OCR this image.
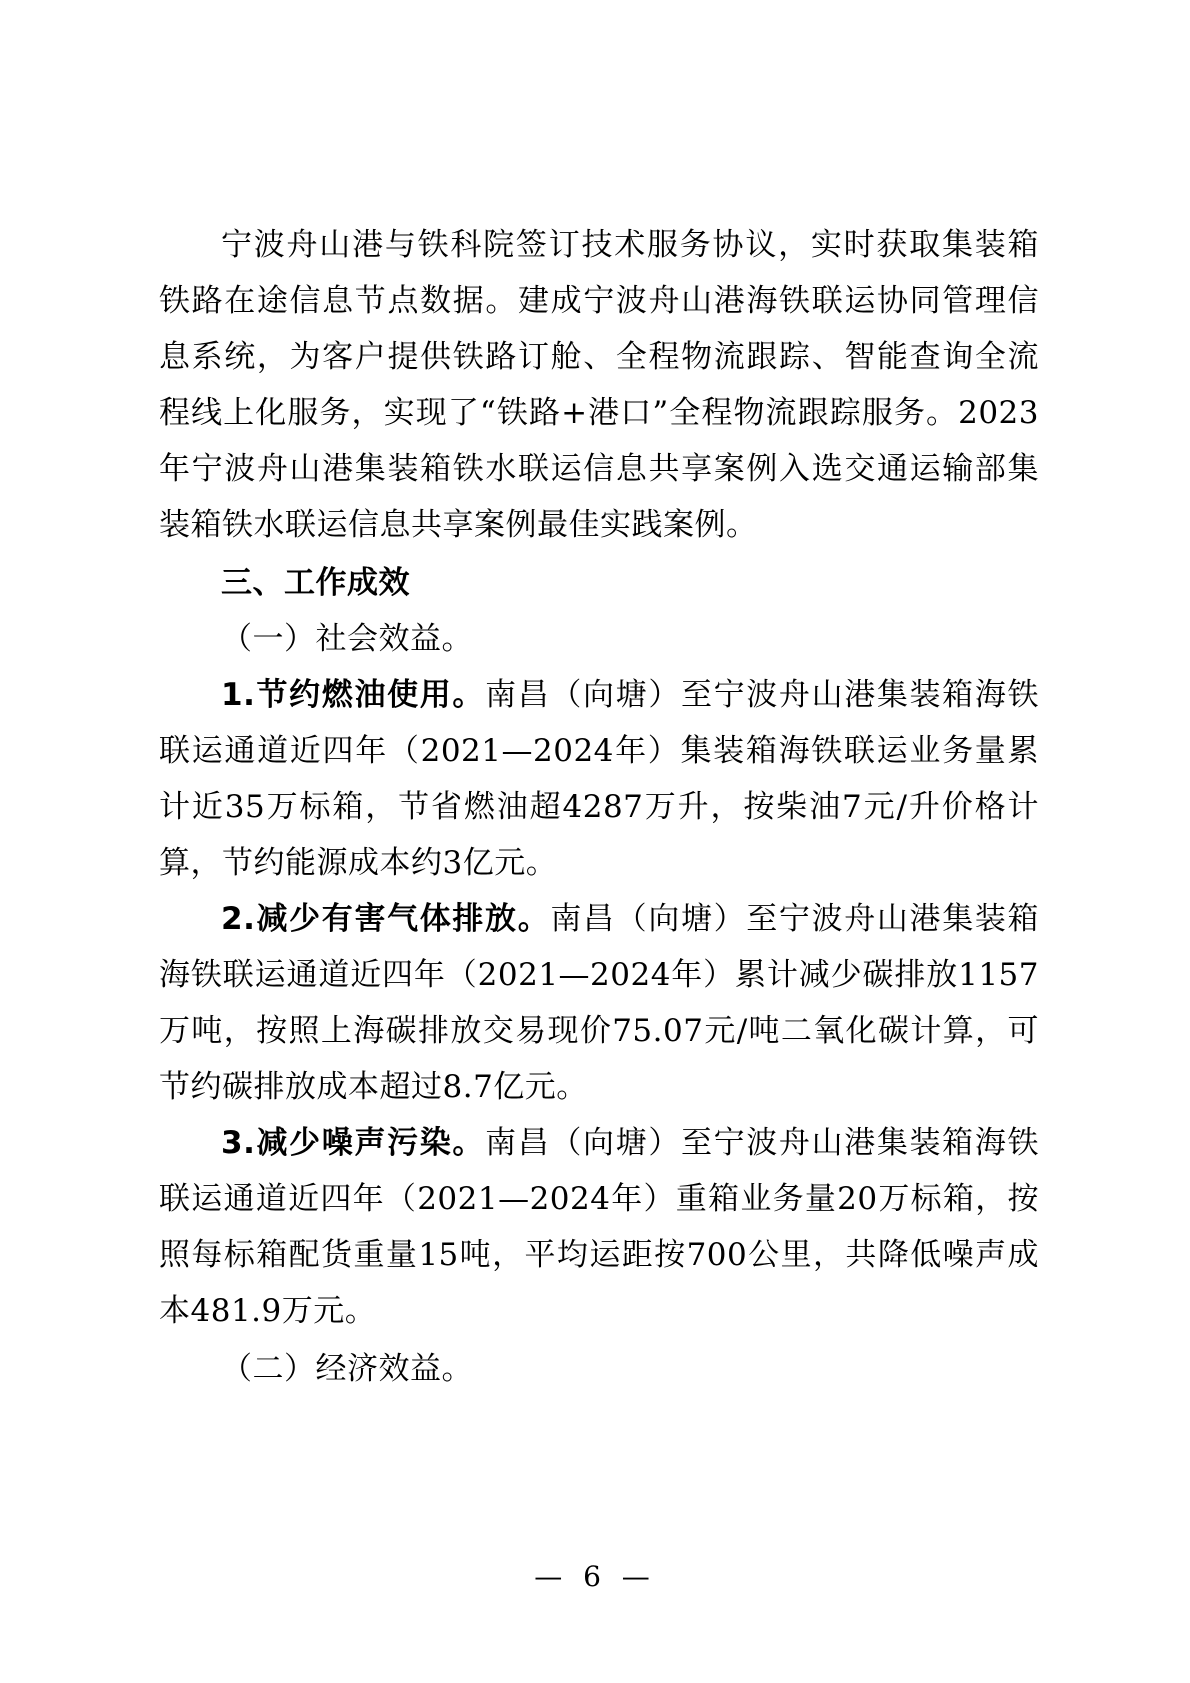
宁波舟山港与铁科院签订技术服务协议，实时获取集装箱铁路在途信息节点数据。建成宁波舟山港海铁联运协同管理信息系统，为客户提供铁路订舱、全程物流跟踪、智能查询全流程线上化服务，实现了“铁路+港口”全程物流跟踪服务。2023年宁波舟山港集装箱铁水联运信息共享案例入选交通运输部集装箱铁水联运信息共享案例最佳实践案例。

三、工作成效

（一）社会效益。

1.节约燃油使用。南昌（向塘）至宁波舟山港集装箱海铁联运通道近四年（2021—2024年）集装箱海铁联运业务量累计近35万标箱，节省燃油超4287万升，按柴油7元/升价格计算，节约能源成本约3亿元。

2.减少有害气体排放。南昌（向塘）至宁波舟山港集装箱海铁联运通道近四年（2021—2024年）累计减少碳排放1157万吨，按照上海碳排放交易现价75.07元/吨二氧化碳计算，可节约碳排放成本超过8.7亿元。

3.减少噪声污染。南昌（向塘）至宁波舟山港集装箱海铁联运通道近四年（2021—2024年）重箱业务量20万标箱，按照每标箱配货重量15吨，平均运距按700公里，共降低噪声成本481.9万元。

（二）经济效益。

— 6 —
